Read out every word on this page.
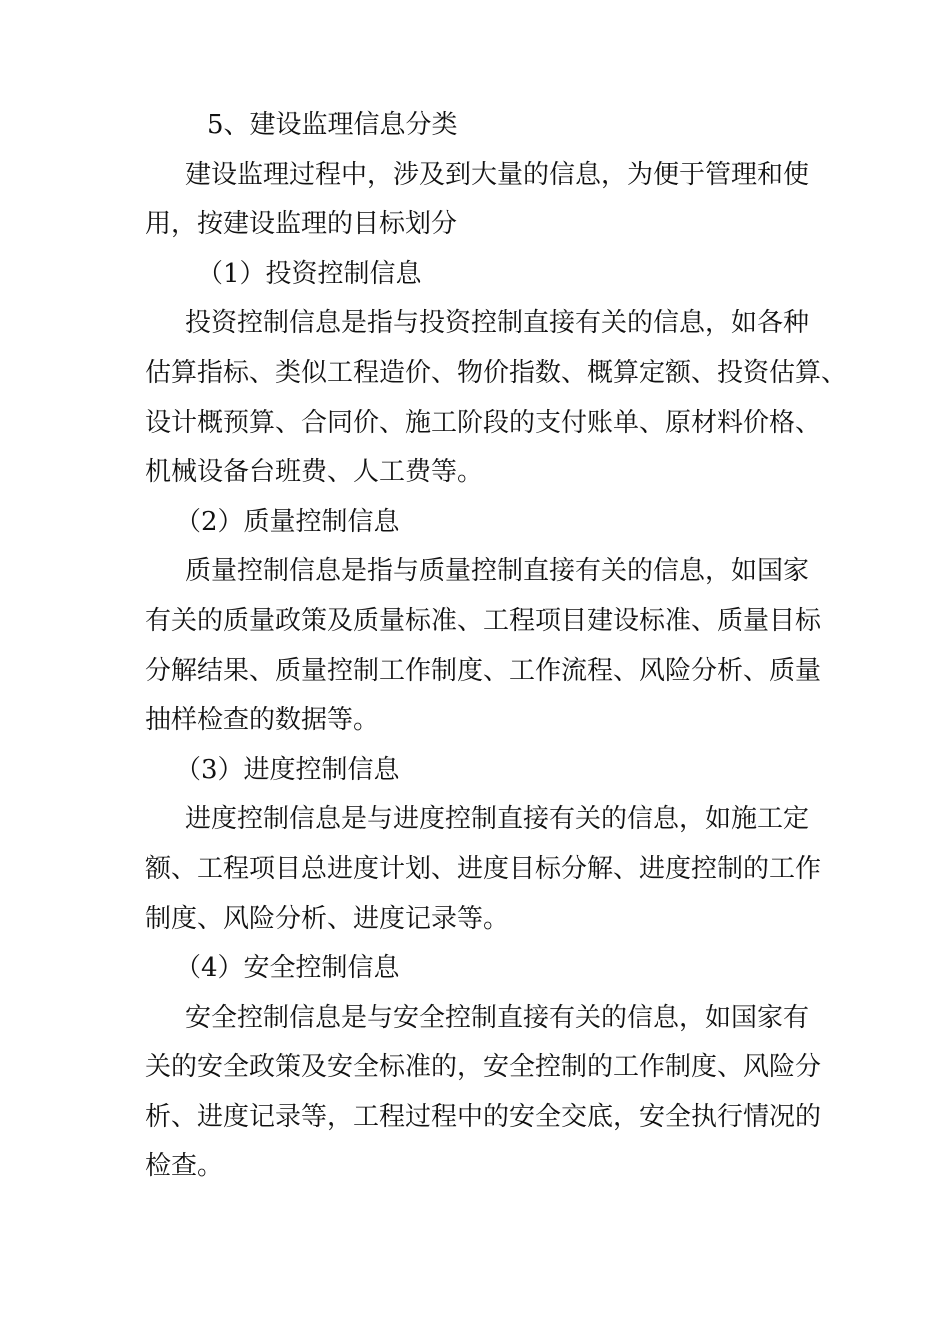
5、建设监理信息分类
建设监理过程中，涉及到大量的信息，为便于管理和使
用，按建设监理的目标划分
（1）投资控制信息
投资控制信息是指与投资控制直接有关的信息，如各种
估算指标、类似工程造价、物价指数、概算定额、投资估算、
设计概预算、合同价、施工阶段的支付账单、原材料价格、
机械设备台班费、人工费等。
（2）质量控制信息
质量控制信息是指与质量控制直接有关的信息，如国家
有关的质量政策及质量标准、工程项目建设标准、质量目标
分解结果、质量控制工作制度、工作流程、风险分析、质量
抽样检查的数据等。
（3）进度控制信息
进度控制信息是与进度控制直接有关的信息，如施工定
额、工程项目总进度计划、进度目标分解、进度控制的工作
制度、风险分析、进度记录等。
（4）安全控制信息
安全控制信息是与安全控制直接有关的信息，如国家有
关的安全政策及安全标准的，安全控制的工作制度、风险分
析、进度记录等，工程过程中的安全交底，安全执行情况的
检查。
